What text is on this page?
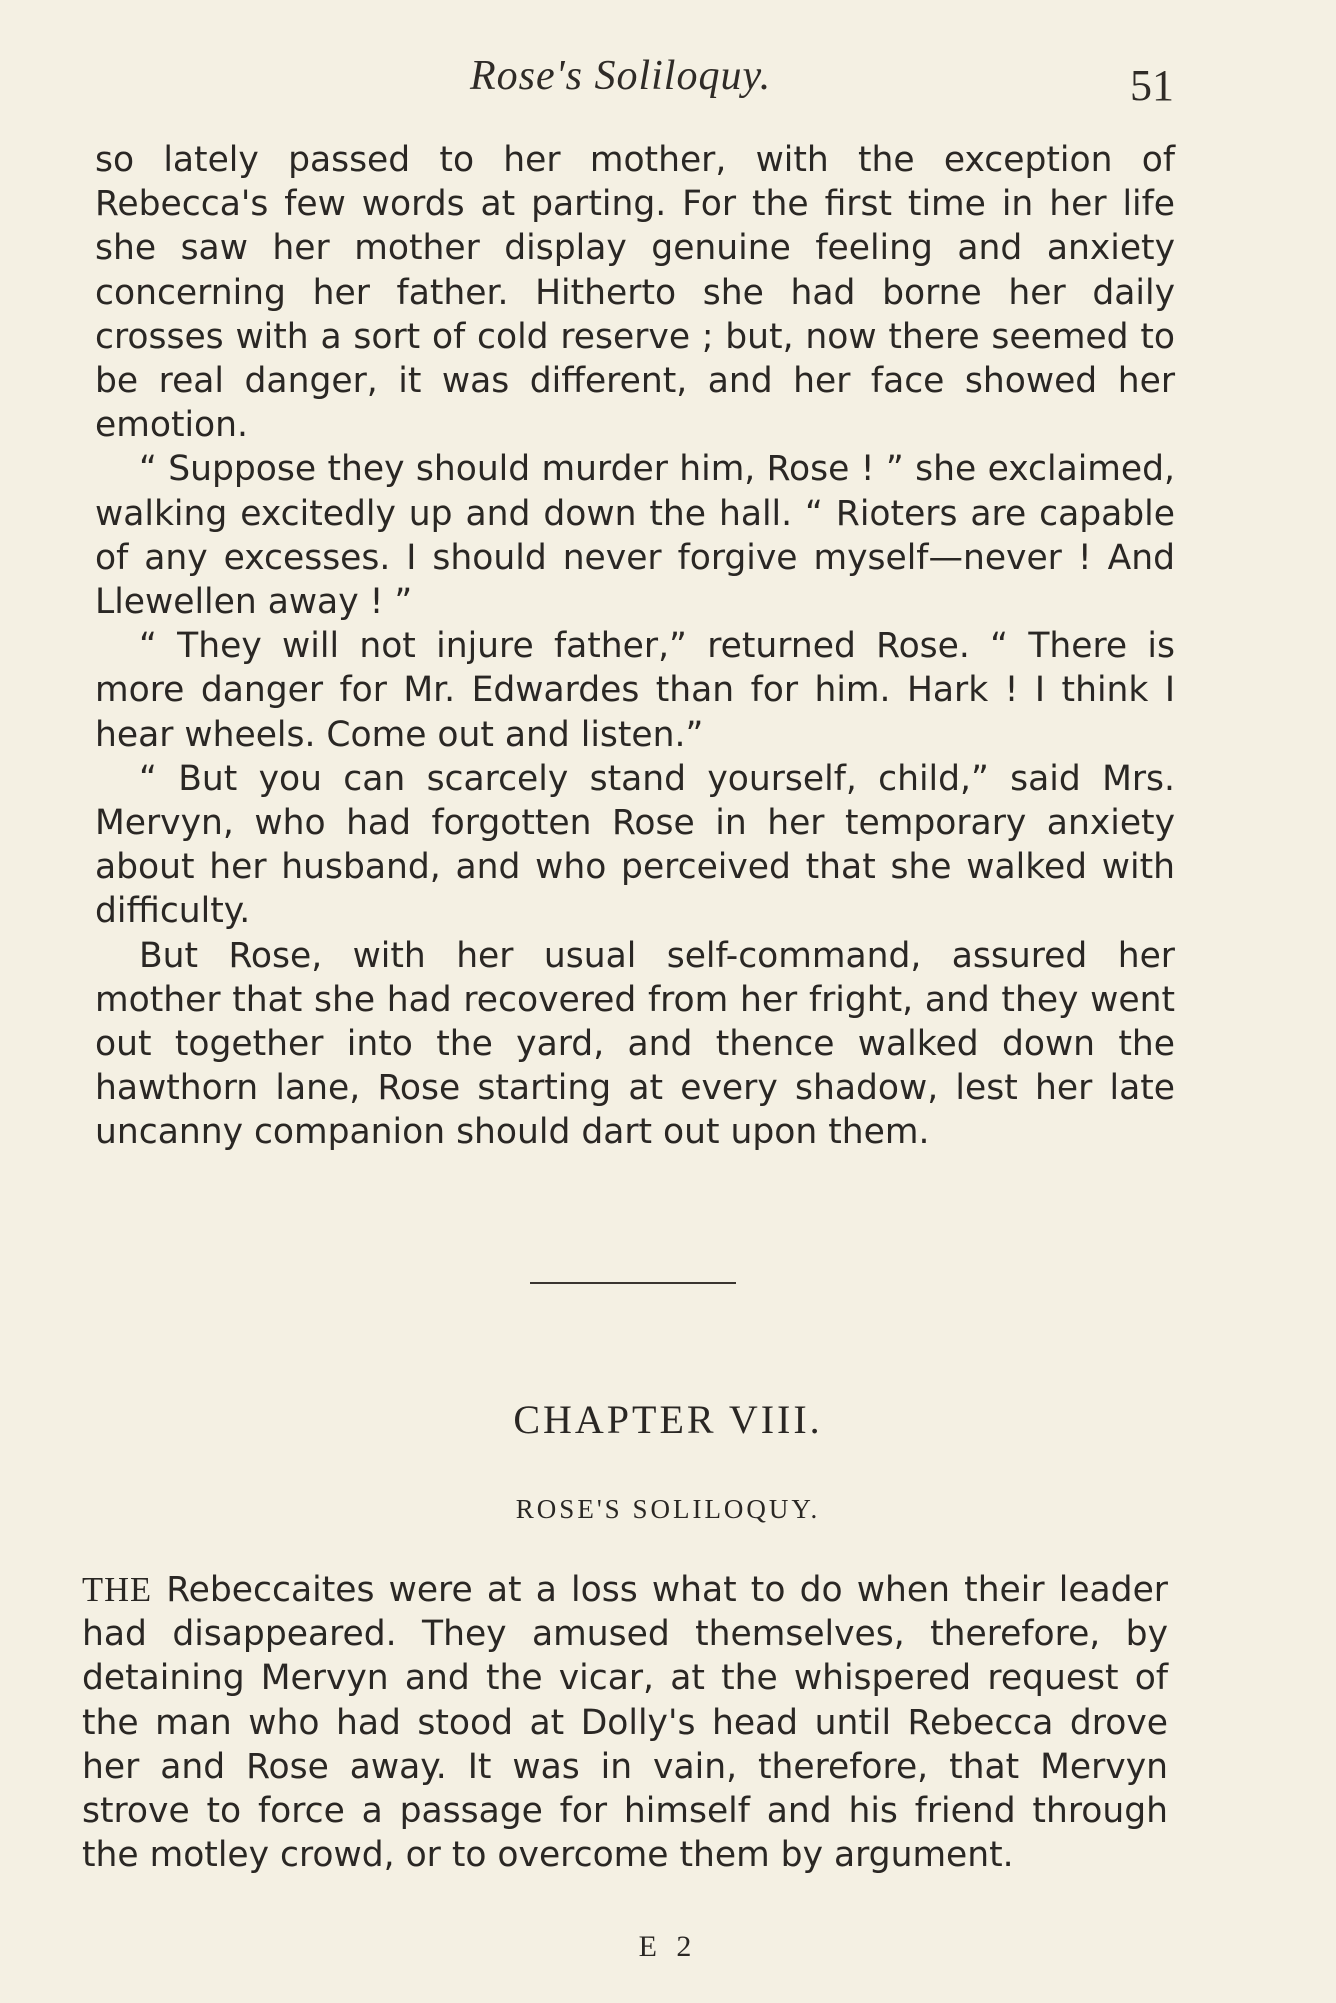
Rose's Soliloquy.	51

so lately passed to her mother, with the exception of Rebecca's few words at parting. For the first time in her life she saw her mother display genuine feeling and anxiety concerning her father. Hitherto she had borne her daily crosses with a sort of cold reserve ; but, now there seemed to be real danger, it was different, and her face showed her emotion.

“ Suppose they should murder him, Rose ! ” she exclaimed, walking excitedly up and down the hall. “ Rioters are capable of any excesses. I should never forgive myself—never ! And Llewellen away ! ”

“ They will not injure father,” returned Rose. “ There is more danger for Mr. Edwardes than for him. Hark ! I think I hear wheels. Come out and listen.”

“ But you can scarcely stand yourself, child,” said Mrs. Mervyn, who had forgotten Rose in her temporary anxiety about her husband, and who perceived that she walked with difficulty.

But Rose, with her usual self-command, assured her mother that she had recovered from her fright, and they went out together into the yard, and thence walked down the hawthorn lane, Rose starting at every shadow, lest her late uncanny companion should dart out upon them.

CHAPTER VIII.
ROSE'S SOLILOQUY.

THE Rebeccaites were at a loss what to do when their leader had disappeared. They amused themselves, therefore, by detaining Mervyn and the vicar, at the whispered request of the man who had stood at Dolly's head until Rebecca drove her and Rose away. It was in vain, therefore, that Mervyn strove to force a passage for himself and his friend through the motley crowd, or to overcome them by argument.

E 2
